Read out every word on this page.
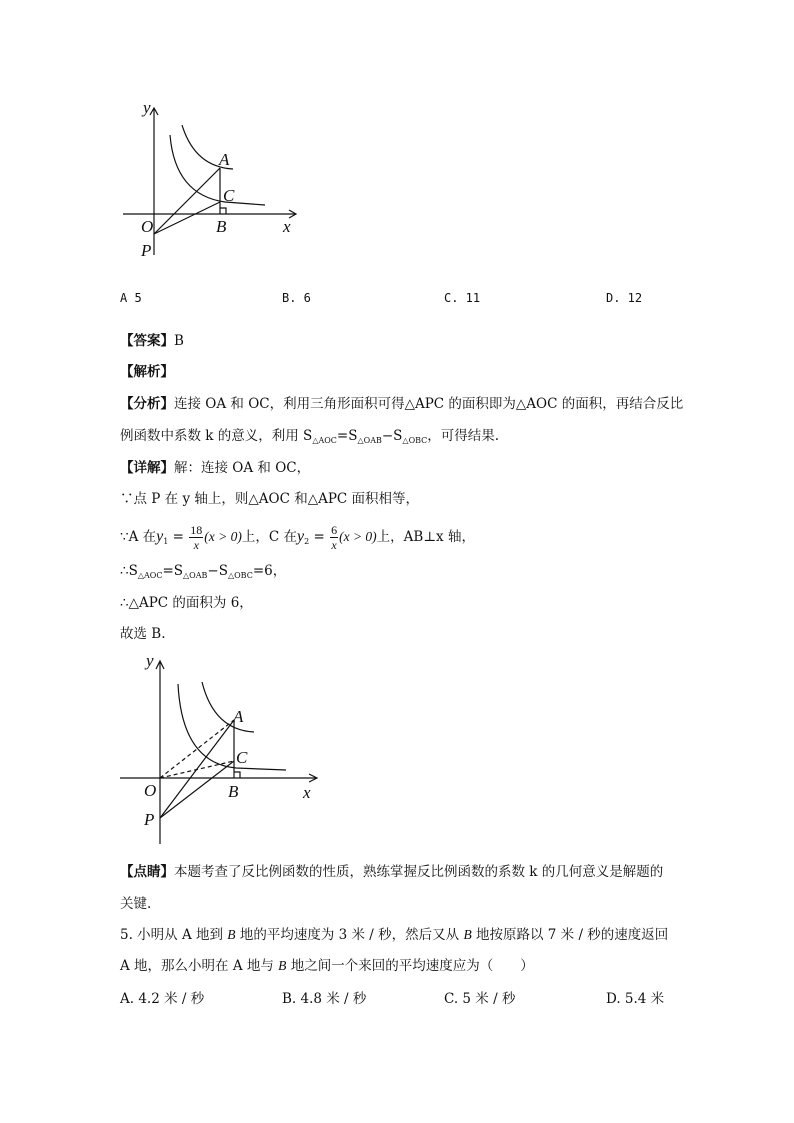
y
A
C
O	B	x
P
A 5	B. 6	C. 11	D. 12
【答案】B
【解析】
【分析】连接 OA 和 OC，利用三角形面积可得△APC 的面积即为△AOC 的面积，再结合反比
例函数中系数 k 的意义，利用 $S_{\triangle AOC}=S_{\triangle OAB}-S_{\triangle OBC}$，可得结果.
【详解】解：连接 OA 和 OC，
∵点 P 在 y 轴上，则△AOC 和△APC 面积相等，
∵A 在$y_1 = \frac{18}{x} (x > 0)$上，C 在$y_2 = \frac{6}{x} (x > 0)$上，AB⊥x 轴，
$\therefore S_{\triangle AOC}=S_{\triangle OAB}-S_{\triangle OBC}=6$，
∴△APC 的面积为 6，
故选 B.
y
A
C
O	B	x
P
【点睛】本题考查了反比例函数的性质，熟练掌握反比例函数的系数 k 的几何意义是解题的
关键.
5. 小明从 A 地到 B 地的平均速度为 3 米 / 秒，然后又从 B 地按原路以 7 米 / 秒的速度返回
A 地，那么小明在 A 地与 B 地之间一个来回的平均速度应为（　　）
A. 4.2 米 / 秒	B. 4.8 米 / 秒	C. 5 米 / 秒	D. 5.4 米
